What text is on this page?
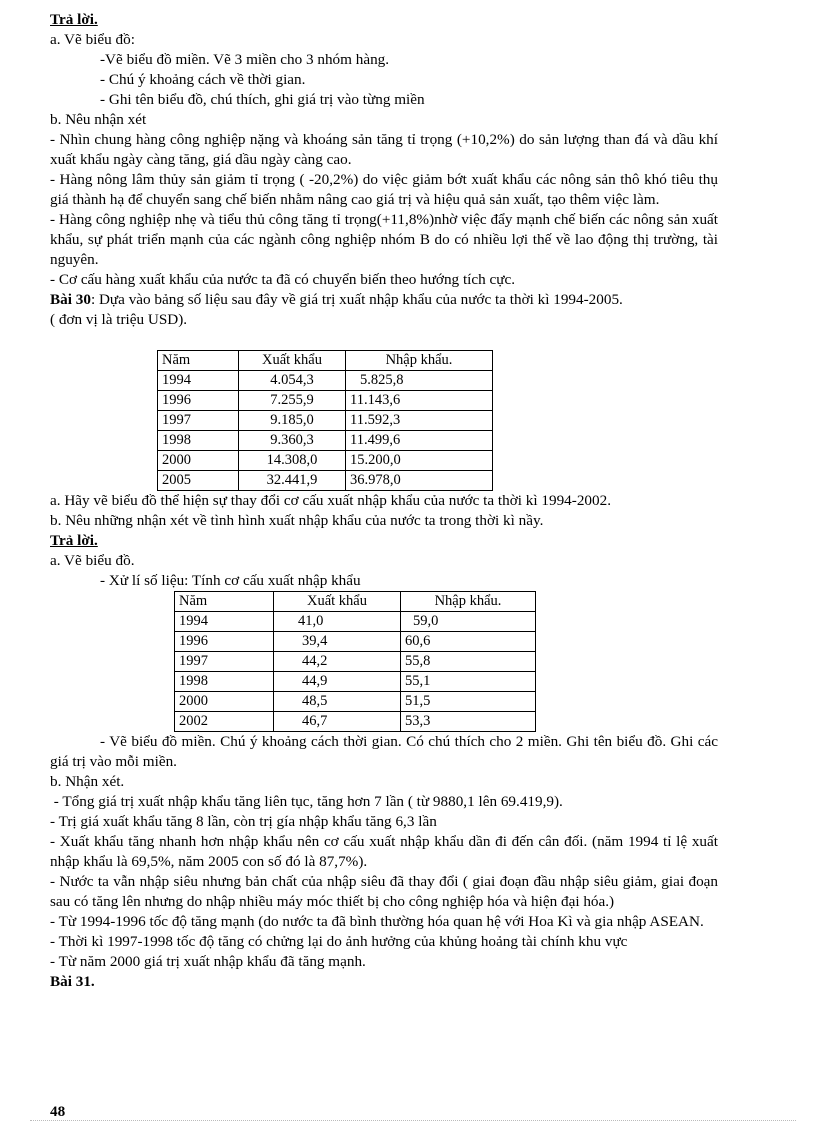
Trả lời.
a. Vẽ biểu đồ:
-Vẽ biểu đồ miền. Vẽ 3 miền cho 3 nhóm hàng.
- Chú ý khoảng cách về thời gian.
- Ghi tên biểu đồ, chú thích, ghi giá trị vào từng miền
b. Nêu nhận xét
- Nhìn chung hàng công nghiệp nặng và khoáng sản tăng tỉ trọng (+10,2%) do sản lượng than đá và dầu khí xuất khẩu ngày càng tăng, giá dầu ngày càng cao.
- Hàng nông lâm thủy sản giảm tỉ trọng ( -20,2%) do việc giảm bớt xuất khẩu các nông sản thô khó tiêu thụ giá thành hạ để chuyển sang chế biến nhằm nâng cao giá trị và hiệu quả sản xuất, tạo thêm việc làm.
- Hàng công nghiệp nhẹ và tiểu thủ công tăng tỉ trọng(+11,8%)nhờ việc đẩy mạnh chế biến các nông sản xuất khẩu, sự phát triển mạnh của các ngành công nghiệp nhóm B do có nhiều lợi thế về lao động thị trường, tài nguyên.
- Cơ cấu hàng xuất khẩu của nước ta đã có chuyển biến theo hướng tích cực.
Bài 30: Dựa vào bảng số liệu sau đây về giá trị xuất nhập khẩu của nước ta thời kì 1994-2005.
( đơn vị là triệu USD).
Năm	Xuất khẩu	Nhập khẩu.
1994	4.054,3	5.825,8
1996	7.255,9	11.143,6
1997	9.185,0	11.592,3
1998	9.360,3	11.499,6
2000	14.308,0	15.200,0
2005	32.441,9	36.978,0
a. Hãy vẽ biểu đồ thể hiện sự thay đổi cơ cấu xuất nhập khẩu của nước ta thời kì 1994-2002.
b. Nêu những nhận xét về tình hình xuất nhập khẩu của nước ta trong thời kì nầy.
Trả lời.
a. Vẽ biểu đồ.
- Xử lí số liệu: Tính cơ cấu xuất nhập khẩu
Năm	Xuất khẩu	Nhập khẩu.
1994	41,0	59,0
1996	39,4	60,6
1997	44,2	55,8
1998	44,9	55,1
2000	48,5	51,5
2002	46,7	53,3
- Vẽ biểu đồ miền. Chú ý khoảng cách thời gian. Có chú thích cho 2 miền. Ghi tên biểu đồ. Ghi các giá trị vào mỗi miền.
b. Nhận xét.
- Tổng giá trị xuất nhập khẩu tăng liên tục, tăng hơn 7 lần ( từ 9880,1 lên 69.419,9).
- Trị giá xuất khẩu tăng 8 lần, còn trị gía nhập khẩu tăng 6,3 lần
- Xuất khẩu tăng nhanh hơn nhập khẩu nên cơ cấu xuất nhập khẩu dần đi đến cân đối. (năm 1994 tỉ lệ xuất nhập khẩu là 69,5%, năm 2005 con số đó là 87,7%).
- Nước ta vẫn nhập siêu nhưng bản chất của nhập siêu đã thay đổi ( giai đoạn đầu nhập siêu giảm, giai đoạn sau có tăng lên nhưng do nhập nhiều máy móc thiết bị cho công nghiệp hóa và hiện đại hóa.)
- Từ 1994-1996 tốc độ tăng mạnh (do nước ta đã bình thường hóa quan hệ với Hoa Kì và gia nhập ASEAN.
- Thời kì 1997-1998 tốc độ tăng có chửng lại do ảnh hưởng của khủng hoảng tài chính khu vực
- Từ năm 2000 giá trị xuất nhập khẩu đã tăng mạnh.
Bài 31.
48
